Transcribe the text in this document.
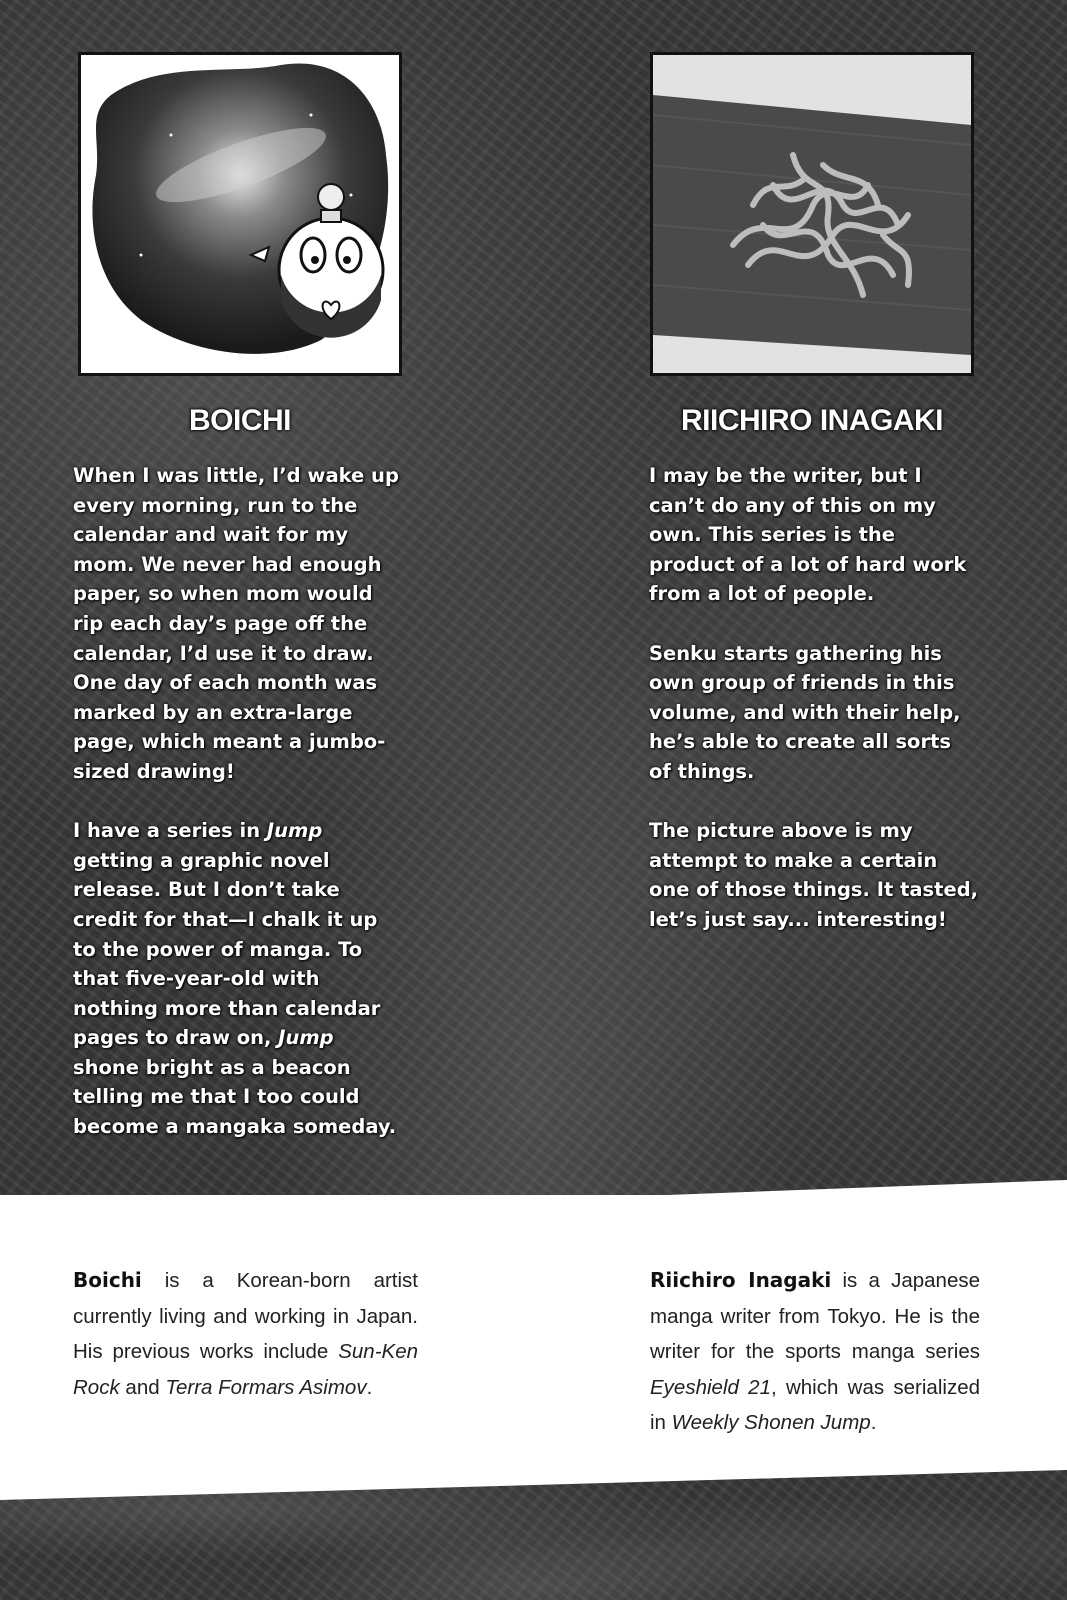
BOICHI	RIICHIRO INAGAKI

When I was little, I’d wake up every morning, run to the calendar and wait for my mom. We never had enough paper, so when mom would rip each day’s page off the calendar, I’d use it to draw. One day of each month was marked by an extra-large page, which meant a jumbo-sized drawing!

I have a series in Jump getting a graphic novel release. But I don’t take credit for that—I chalk it up to the power of manga. To that five-year-old with nothing more than calendar pages to draw on, Jump shone bright as a beacon telling me that I too could become a mangaka someday.

I may be the writer, but I can’t do any of this on my own. This series is the product of a lot of hard work from a lot of people.

Senku starts gathering his own group of friends in this volume, and with their help, he’s able to create all sorts of things.

The picture above is my attempt to make a certain one of those things. It tasted, let’s just say... interesting!

Boichi is a Korean-born artist currently living and working in Japan. His previous works include Sun-Ken Rock and Terra Formars Asimov.

Riichiro Inagaki is a Japanese manga writer from Tokyo. He is the writer for the sports manga series Eyeshield 21, which was serialized in Weekly Shonen Jump.
